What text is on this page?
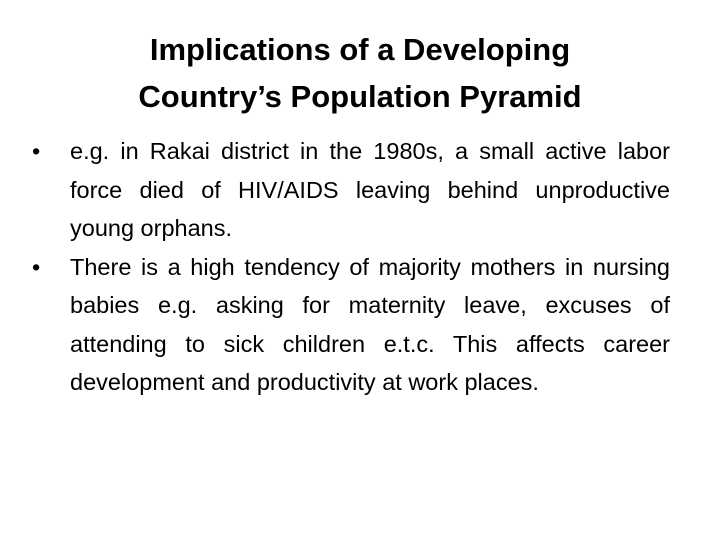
Implications of a Developing
Country’s Population Pyramid
•	e.g. in Rakai district in the 1980s, a small active labor force died of HIV/AIDS leaving behind unproductive young orphans.
•	There is a high tendency of majority mothers in nursing babies e.g. asking for maternity leave, excuses of attending to sick children e.t.c. This affects career development and productivity at work places.
